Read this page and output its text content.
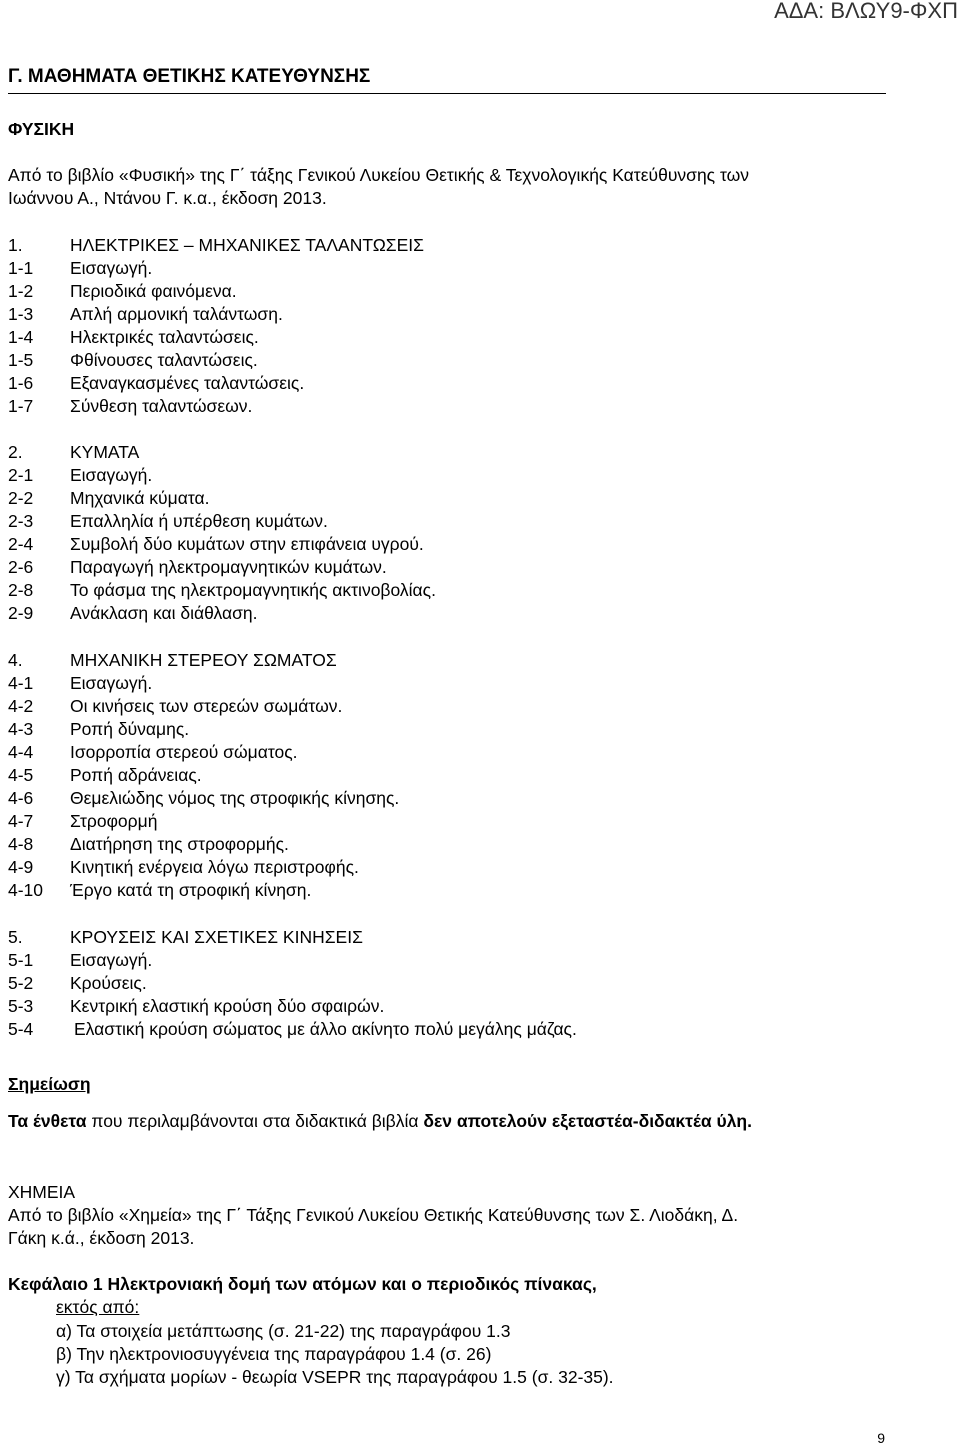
ΑΔΑ: ΒΛΩΥ9-ΦΧΠ
Γ. ΜΑΘΗΜΑΤΑ ΘΕΤΙΚΗΣ ΚΑΤΕΥΘΥΝΣΗΣ
ΦΥΣΙΚΗ
Από το βιβλίο «Φυσική» της Γ΄ τάξης Γενικού Λυκείου Θετικής & Τεχνολογικής Κατεύθυνσης των
Ιωάννου Α., Ντάνου Γ. κ.α., έκδοση 2013.
1.	ΗΛΕΚΤΡΙΚΕΣ – ΜΗΧΑΝΙΚΕΣ ΤΑΛΑΝΤΩΣΕΙΣ
1-1 Εισαγωγή.
1-2 Περιοδικά φαινόμενα.
1-3 Απλή αρμονική ταλάντωση.
1-4 Ηλεκτρικές ταλαντώσεις.
1-5 Φθίνουσες ταλαντώσεις.
1-6 Εξαναγκασμένες ταλαντώσεις.
1-7 Σύνθεση ταλαντώσεων.
2.	ΚΥΜΑΤΑ
2-1 Εισαγωγή.
2-2 Μηχανικά κύματα.
2-3 Επαλληλία ή υπέρθεση κυμάτων.
2-4 Συμβολή δύο κυμάτων στην επιφάνεια υγρού.
2-6 Παραγωγή ηλεκτρομαγνητικών κυμάτων.
2-8 Το φάσμα της ηλεκτρομαγνητικής ακτινοβολίας.
2-9 Ανάκλαση και διάθλαση.
4.	ΜΗΧΑΝΙΚΗ ΣΤΕΡΕΟΥ ΣΩΜΑΤΟΣ
4-1 Εισαγωγή.
4-2 Οι κινήσεις των στερεών σωμάτων.
4-3 Ροπή δύναμης.
4-4 Ισορροπία στερεού σώματος.
4-5 Ροπή αδράνειας.
4-6 Θεμελιώδης νόμος της στροφικής κίνησης.
4-7 Στροφορμή
4-8 Διατήρηση της στροφορμής.
4-9 Κινητική ενέργεια λόγω περιστροφής.
4-10 Έργο κατά τη στροφική κίνηση.
5.	ΚΡΟΥΣΕΙΣ ΚΑΙ ΣΧΕΤΙΚΕΣ ΚΙΝΗΣΕΙΣ
5-1 Εισαγωγή.
5-2 Κρούσεις.
5-3 Κεντρική ελαστική κρούση δύο σφαιρών.
5-4 Ελαστική κρούση σώματος με άλλο ακίνητο πολύ μεγάλης μάζας.
Σημείωση
Τα ένθετα που περιλαμβάνονται στα διδακτικά βιβλία δεν αποτελούν εξεταστέα-διδακτέα ύλη.
ΧΗΜΕΙΑ
Από το βιβλίο «Χημεία» της Γ΄ Τάξης Γενικού Λυκείου Θετικής Κατεύθυνσης των Σ. Λιοδάκη, Δ.
Γάκη κ.ά., έκδοση 2013.
Κεφάλαιο 1 Ηλεκτρονιακή δομή των ατόμων και ο περιοδικός πίνακας,
εκτός από:
α) Τα στοιχεία μετάπτωσης (σ. 21-22) της παραγράφου 1.3
β) Την ηλεκτρονιοσυγγένεια της παραγράφου 1.4 (σ. 26)
γ) Τα σχήματα μορίων - θεωρία VSEPR της παραγράφου 1.5 (σ. 32-35).
9
